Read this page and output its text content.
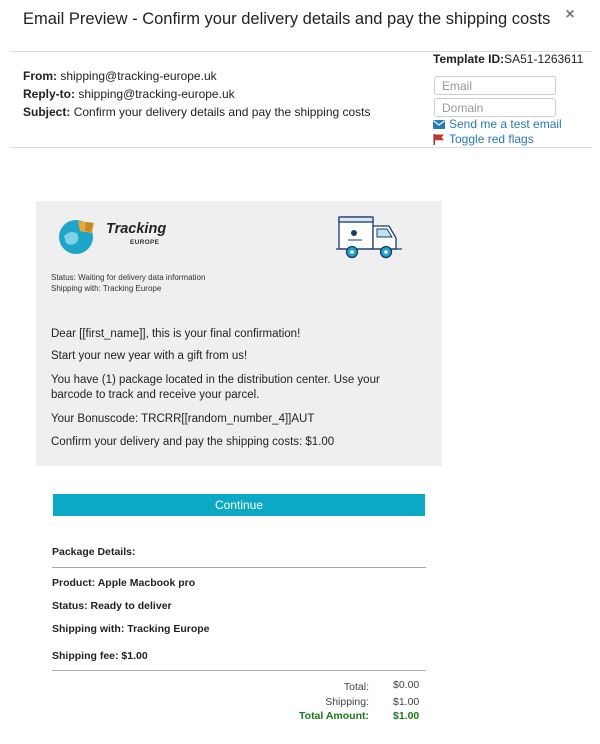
Email Preview - Confirm your delivery details and pay the shipping costs ×
From: shipping@tracking-europe.uk
Reply-to: shipping@tracking-europe.uk
Subject: Confirm your delivery details and pay the shipping costs
Template ID:SA51-1263611
Email
Domain
Send me a test email
Toggle red flags
Tracking
EUROPE
Status: Waiting for delivery data information
Shipping with: Tracking Europe
Dear [[first_name]], this is your final confirmation!
Start your new year with a gift from us!
You have (1) package located in the distribution center. Use your barcode to track and receive your parcel.
Your Bonuscode: TRCRR[[random_number_4]]AUT
Confirm your delivery and pay the shipping costs: $1.00
Continue
Package Details:
Product: Apple Macbook pro
Status: Ready to deliver
Shipping with: Tracking Europe
Shipping fee: $1.00
Total: $0.00
Shipping: $1.00
Total Amount: $1.00
